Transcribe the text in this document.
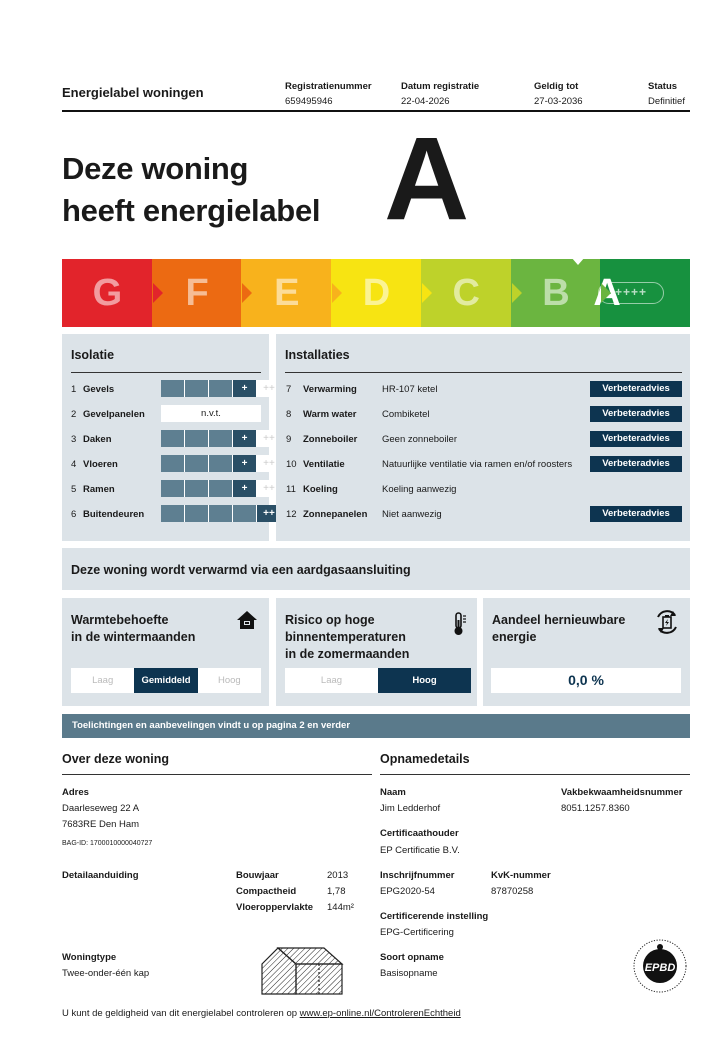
Energielabel woningen	Registratienummer
659495946
Datum registratie
22-04-2026
Geldig tot
27-03-2036
Status
Definitief
Deze woning
heeft energielabel A
G F E D C B A
++++
Isolatie
1 Gevels	+	++
2 Gevelpanelen	n.v.t.
3 Daken	+	++
4 Vloeren	+	++
5 Ramen	+	++
6 Buitendeuren	++
Installaties
7	Verwarming	HR-107 ketel	Verbeteradvies
8	Warm water	Combiketel	Verbeteradvies
9	Zonneboiler	Geen zonneboiler	Verbeteradvies
10 Ventilatie	Natuurlijke ventilatie via ramen en/of roosters	Verbeteradvies
11 Koeling	Koeling aanwezig
12 Zonnepanelen	Niet aanwezig	Verbeteradvies
Deze woning wordt verwarmd via een aardgasaansluiting
Warmtebehoefte
in de wintermaanden
Laag	Gemiddeld	Hoog
Risico op hoge
binnentemperaturen
in de zomermaanden
Laag	Hoog
Aandeel hernieuwbare
energie
0,0 %
Toelichtingen en aanbevelingen vindt u op pagina 2 en verder
Over deze woning
Adres
Daarleseweg 22 A
7683RE Den Ham
BAG-ID: 1700010000040727
Detailaanduiding	Bouwjaar	2013
Compactheid	1,78
Vloeroppervlakte 144m²
Woningtype
Twee-onder-één kap
Opnamedetails
Naam
Jim Ledderhof
Vakbekwaamheidsnummer
8051.1257.8360
Certificaathouder
EP Certificatie B.V.
Inschrijfnummer
EPG2020-54
KvK-nummer
87870258
Certificerende instelling
EPG-Certificering
Soort opname
Basisopname	EPBD
U kunt de geldigheid van dit energielabel controleren op www.ep-online.nl/ControlerenEchtheid
